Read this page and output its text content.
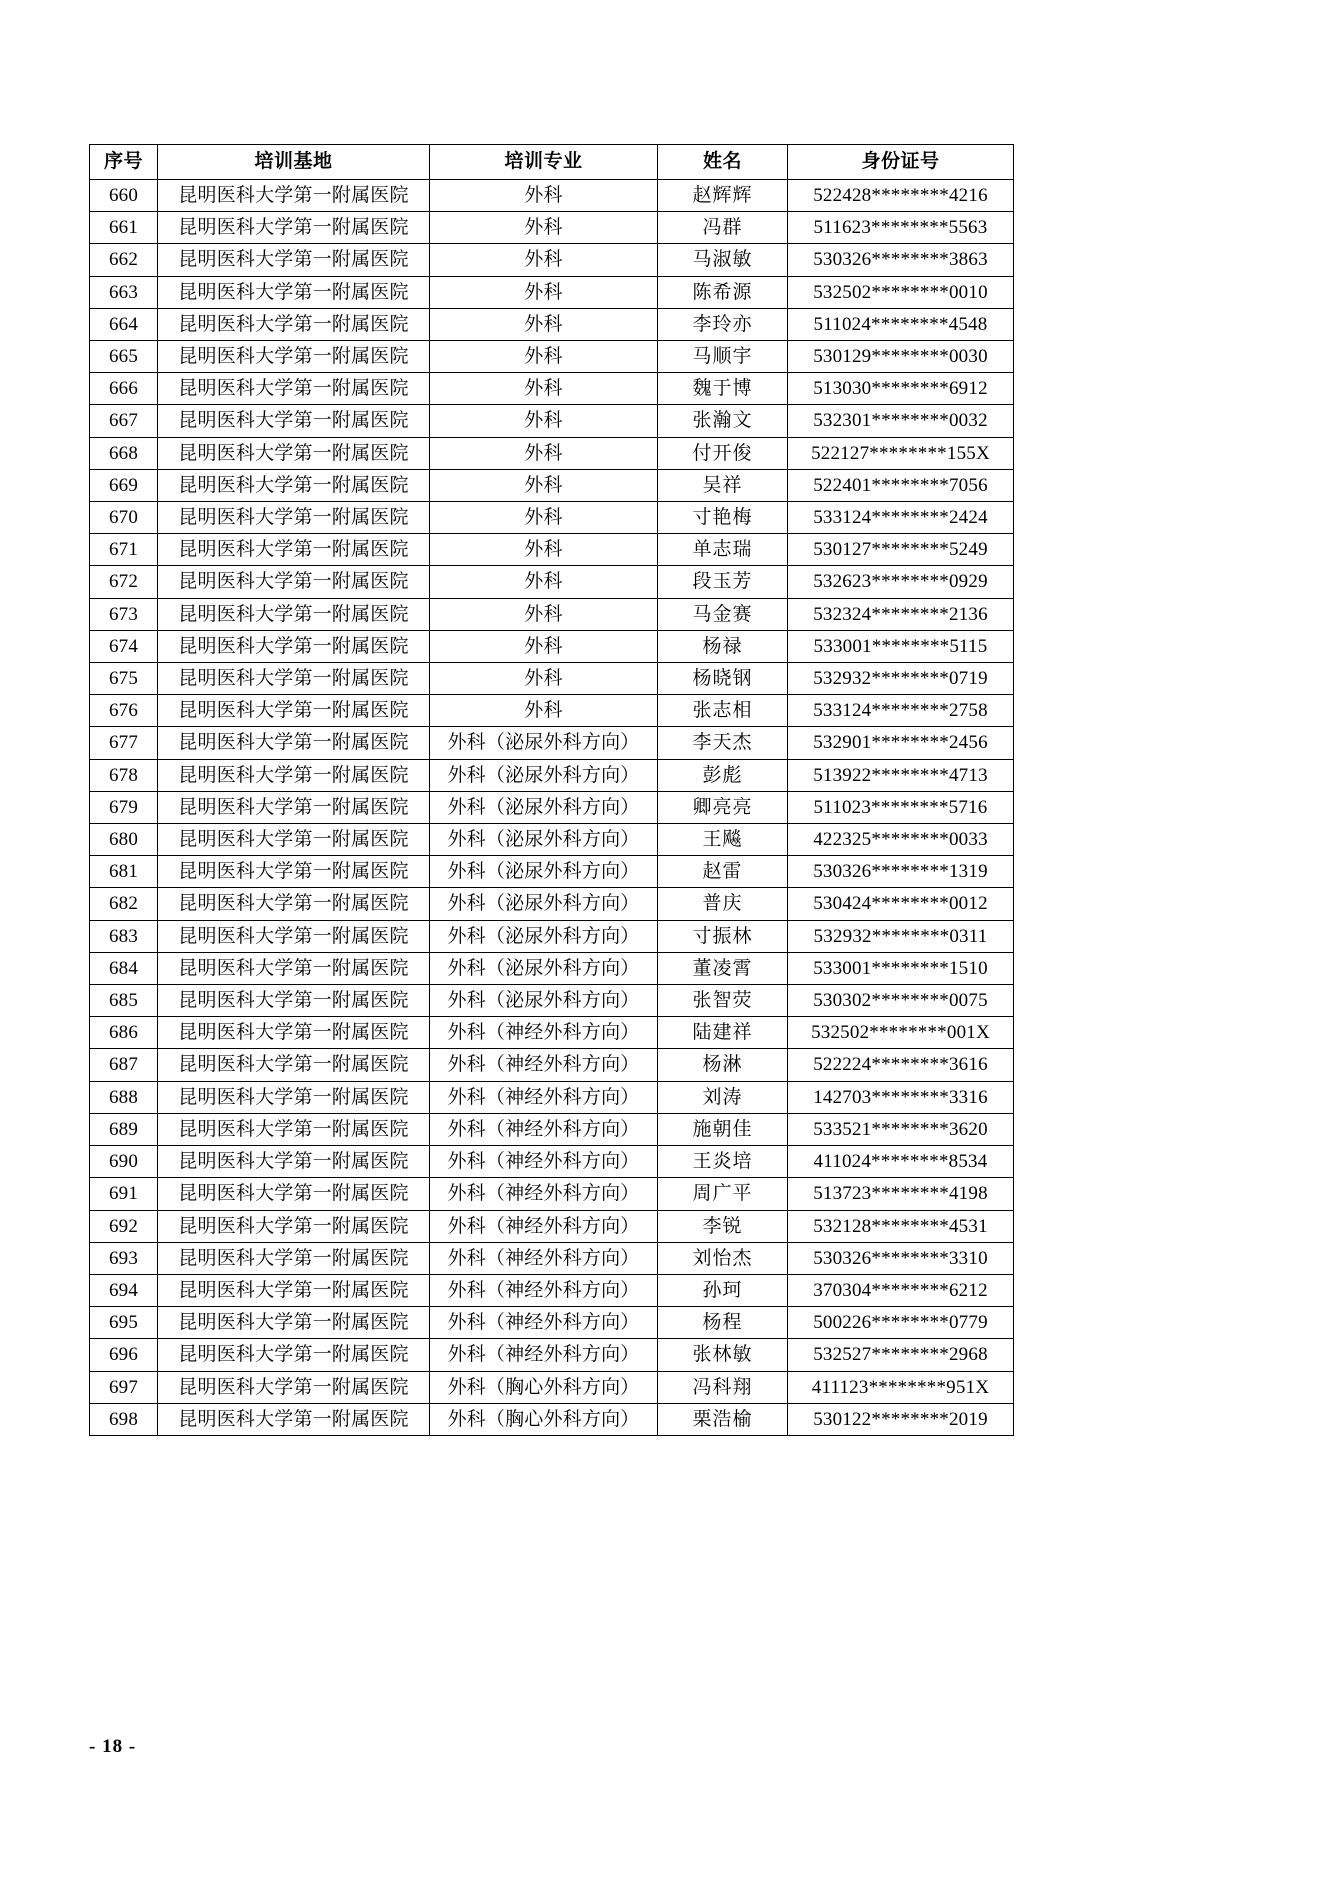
序号	培训基地	培训专业	姓名	身份证号
660	昆明医科大学第一附属医院	外科	赵辉辉	522428********4216
661	昆明医科大学第一附属医院	外科	冯群	511623********5563
662	昆明医科大学第一附属医院	外科	马淑敏	530326********3863
663	昆明医科大学第一附属医院	外科	陈希源	532502********0010
664	昆明医科大学第一附属医院	外科	李玲亦	511024********4548
665	昆明医科大学第一附属医院	外科	马顺宇	530129********0030
666	昆明医科大学第一附属医院	外科	魏于博	513030********6912
667	昆明医科大学第一附属医院	外科	张瀚文	532301********0032
668	昆明医科大学第一附属医院	外科	付开俊	522127********155X
669	昆明医科大学第一附属医院	外科	吴祥	522401********7056
670	昆明医科大学第一附属医院	外科	寸艳梅	533124********2424
671	昆明医科大学第一附属医院	外科	单志瑞	530127********5249
672	昆明医科大学第一附属医院	外科	段玉芳	532623********0929
673	昆明医科大学第一附属医院	外科	马金赛	532324********2136
674	昆明医科大学第一附属医院	外科	杨禄	533001********5115
675	昆明医科大学第一附属医院	外科	杨晓钢	532932********0719
676	昆明医科大学第一附属医院	外科	张志相	533124********2758
677	昆明医科大学第一附属医院	外科（泌尿外科方向）	李天杰	532901********2456
678	昆明医科大学第一附属医院	外科（泌尿外科方向）	彭彪	513922********4713
679	昆明医科大学第一附属医院	外科（泌尿外科方向）	卿亮亮	511023********5716
680	昆明医科大学第一附属医院	外科（泌尿外科方向）	王飚	422325********0033
681	昆明医科大学第一附属医院	外科（泌尿外科方向）	赵雷	530326********1319
682	昆明医科大学第一附属医院	外科（泌尿外科方向）	普庆	530424********0012
683	昆明医科大学第一附属医院	外科（泌尿外科方向）	寸振林	532932********0311
684	昆明医科大学第一附属医院	外科（泌尿外科方向）	董凌霄	533001********1510
685	昆明医科大学第一附属医院	外科（泌尿外科方向）	张智荧	530302********0075
686	昆明医科大学第一附属医院	外科（神经外科方向）	陆建祥	532502********001X
687	昆明医科大学第一附属医院	外科（神经外科方向）	杨淋	522224********3616
688	昆明医科大学第一附属医院	外科（神经外科方向）	刘涛	142703********3316
689	昆明医科大学第一附属医院	外科（神经外科方向）	施朝佳	533521********3620
690	昆明医科大学第一附属医院	外科（神经外科方向）	王炎培	411024********8534
691	昆明医科大学第一附属医院	外科（神经外科方向）	周广平	513723********4198
692	昆明医科大学第一附属医院	外科（神经外科方向）	李锐	532128********4531
693	昆明医科大学第一附属医院	外科（神经外科方向）	刘怡杰	530326********3310
694	昆明医科大学第一附属医院	外科（神经外科方向）	孙珂	370304********6212
695	昆明医科大学第一附属医院	外科（神经外科方向）	杨程	500226********0779
696	昆明医科大学第一附属医院	外科（神经外科方向）	张林敏	532527********2968
697	昆明医科大学第一附属医院	外科（胸心外科方向）	冯科翔	411123********951X
698	昆明医科大学第一附属医院	外科（胸心外科方向）	栗浩榆	530122********2019
- 18 -
